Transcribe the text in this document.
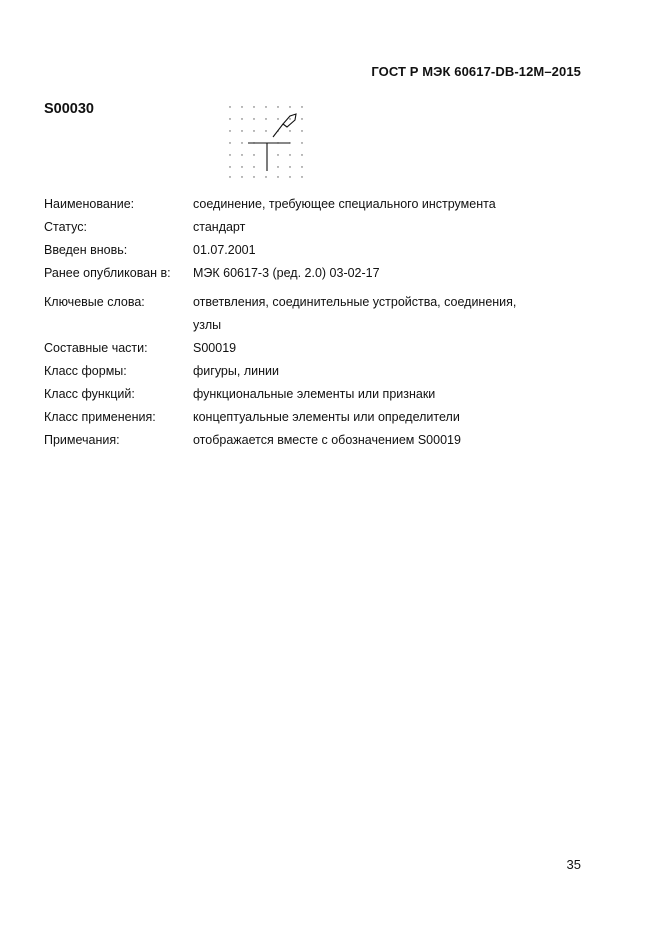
ГОСТ Р МЭК 60617-DB-12M–2015
S00030
Наименование:	соединение, требующее специального инструмента
Статус:	стандарт
Введен вновь:	01.07.2001
Ранее опубликован в:	МЭК 60617-3 (ред. 2.0) 03-02-17
Ключевые слова:	ответвления, соединительные устройства, соединения,
узлы
Составные части:	S00019
Класс формы:	фигуры, линии
Класс функций:	функциональные элементы или признаки
Класс применения:	концептуальные элементы или определители
Примечания:	отображается вместе с обозначением S00019
35
